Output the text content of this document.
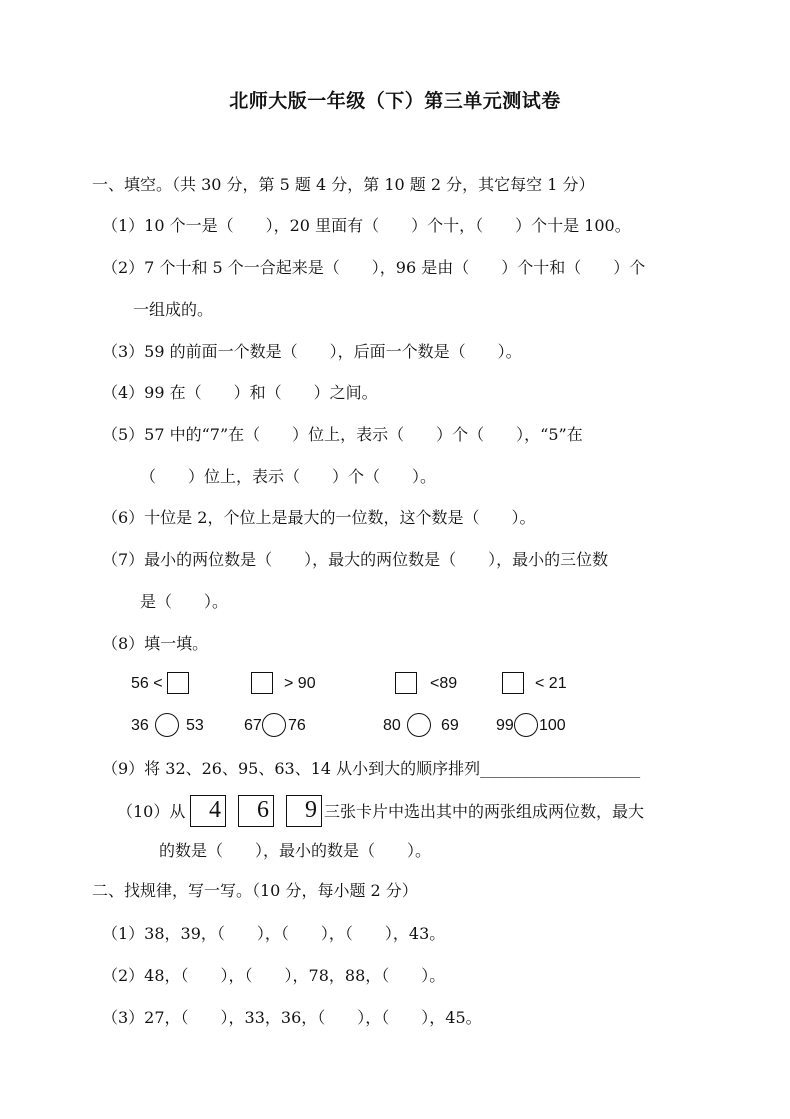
北师大版一年级（下）第三单元测试卷
一、填空。（共 30 分，第 5 题 4 分，第 10 题 2 分，其它每空 1 分）
（1）10 个一是（　　），20 里面有（　　）个十，（　　）个十是 100。
（2）7 个十和 5 个一合起来是（　　），96 是由（　　）个十和（　　）个
一组成的。
（3）59 的前面一个数是（　　），后面一个数是（　　）。
（4）99 在（　　）和（　　）之间。
（5）57 中的“7”在（　　）位上，表示（　　）个（　　），“5”在
（　　）位上，表示（　　）个（　　）。
（6）十位是 2，个位上是最大的一位数，这个数是（　　）。
（7）最小的两位数是（　　），最大的两位数是（　　），最小的三位数
是（　　）。
（8）填一填。
56 <	> 90	<89	< 21
36 53	67 76	80	69 99 100
（9）将 32、26、95、63、14 从小到大的顺序排列____________________
（10）从 4	6	9 三张卡片中选出其中的两张组成两位数，最大
的数是（　　），最小的数是（　　）。
二、找规律，写一写。（10 分，每小题 2 分）
（1）38，39，（　　），（　　），（　　），43。
（2）48，（　　），（　　），78，88，（　　）。
（3）27，（　　），33，36，（　　），（　　），45。
